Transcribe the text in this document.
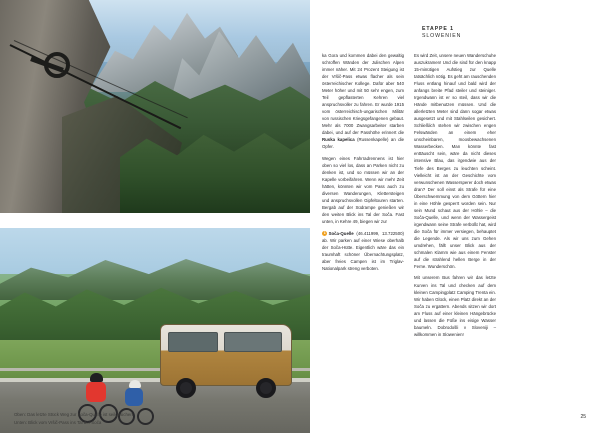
ETAPPE 1
SLOWENIEN

ka Gora und kommen dabei den gewaltig schroffen Wänden der Julischen Alpen immer näher. Mit 24 Prozent Steigung ist der Vršič-Pass etwas flacher als sein österreichischer Kollege. Dafür aber 540 Meter höher und mit 50 sehr engen, zum Teil gepflasterten Kehren viel anspruchsvoller zu fahren. Er wurde 1915 vom österreichisch-ungarischen Militär von russischen Kriegsgefangenen gebaut. Mehr als 7000 Zwangsarbeiter starben dabei, und auf der Passhöhe erinnert die Ruska kapelica (Russenkapelle) an die Opfer.

Wegen eines Fahrradrennens ist hier oben so viel los, dass an Parken nicht zu denken ist, und so müssen wir an der Kapelle vorbeifahren. Wenn wir mehr Zeit hätten, könnten wir vom Pass auch zu diversen Wanderungen, Klettersteigen und anspruchsvollen Gipfeltouren starten. Bergab auf der Südrampe genießen wir den weiten Blick ins Tal der Soča. Fast unten, in Kehre 49, biegen wir zur

1 Soča-Quelle (46.411999, 13.722500) ab. Wir parken auf einer Wiese oberhalb der Soča-Hütte. Eigentlich wäre das ein traumhaft schöner Übernachtungsplatz, aber freies Campen ist im Triglav-Nationalpark streng verboten.

Es wird Zeit, unsere neuen Wanderschuhe auszukramen! Und die sind für den knapp 15-minütigen Aufstieg zur Quelle tatsächlich nötig. Es geht am rauschenden Fluss entlang hinauf und bald wird der anfangs breite Pfad steiler und steiniger. Irgendwann ist er so steil, dass wir die Hände mitbenutzen müssen. Und die allerletzten Meter sind dann sogar etwas ausgesetzt und mit Stahlseilen gesichert. Schließlich stehen wir zwischen engen Felswänden an einem eher unscheinbaren, moosbewachsenen Wasserbecken. Man könnte fast enttäuscht sein, wäre da nicht dieses intensive Blau, das irgendwie aus der Tiefe des Berges zu leuchten scheint. Vielleicht ist an der Geschichte vom verwunschenen Wassersperer doch etwas dran? Der soll einst als Strafe für eine Überschwemmung von dem Göttern hier in eine Höhle gesperrt worden sein. Nur sein Mund schaut aus der Höhle – die Soča-Quelle, und wenn der Wassergeist irgendwann seine Strafe verbüßt hat, wird die Soča für immer versiegen, behauptet die Legende. Als wir uns zum Gehen umdrehen, fällt unser Blick aus der schmalen Klamm wie aus einem Fenster auf die strahlend hellen Berge in der Ferne. Wunderschön.

Mit unserem Bus fahren wir das letzte Kurven ins Tal und checken auf dem kleinen Campingplatz Camping Trenta ein. Wir haben Glück, einen Platz direkt an der Soča zu ergattern. Abends sitzen wir dort am Fluss auf einer kleinen Hängebrücke und lassen die Füße ins eisige Wasser baumeln. Dobrodošli v Sloveniji – willkommen in Slowenien!

25
Oben: Das letzte Stück Weg zur Soča-Quelle ist seilgesichert.
Unten: Blick vom Vršič-Pass ins Tal der Soča
